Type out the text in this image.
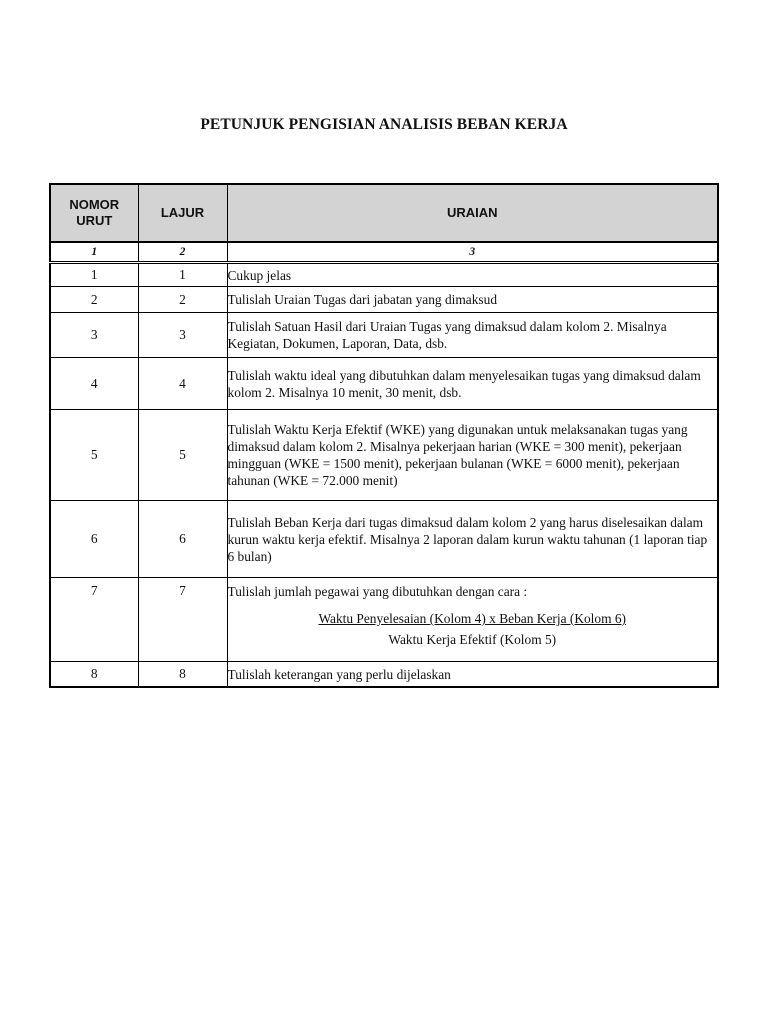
PETUNJUK PENGISIAN ANALISIS BEBAN KERJA
NOMOR URUT	LAJUR	URAIAN
1	2	3
1	1	Cukup jelas
2	2	Tulislah Uraian Tugas dari jabatan yang dimaksud
3	3	Tulislah Satuan Hasil dari Uraian Tugas yang dimaksud dalam kolom 2. Misalnya Kegiatan, Dokumen, Laporan, Data, dsb.
4	4	Tulislah waktu ideal yang dibutuhkan dalam menyelesaikan tugas yang dimaksud dalam kolom 2. Misalnya 10 menit, 30 menit, dsb.
5	5	Tulislah Waktu Kerja Efektif (WKE) yang digunakan untuk melaksanakan tugas yang dimaksud dalam kolom 2. Misalnya pekerjaan harian (WKE = 300 menit), pekerjaan mingguan (WKE = 1500 menit), pekerjaan bulanan (WKE = 6000 menit), pekerjaan tahunan (WKE = 72.000 menit)
6	6	Tulislah Beban Kerja dari tugas dimaksud dalam kolom 2 yang harus diselesaikan dalam kurun waktu kerja efektif. Misalnya 2 laporan dalam kurun waktu tahunan (1 laporan tiap 6 bulan)
7	7	Tulislah jumlah pegawai yang dibutuhkan dengan cara :
Waktu Penyelesaian (Kolom 4) x Beban Kerja (Kolom 6)
Waktu Kerja Efektif (Kolom 5)

8	8	Tulislah keterangan yang perlu dijelaskan
